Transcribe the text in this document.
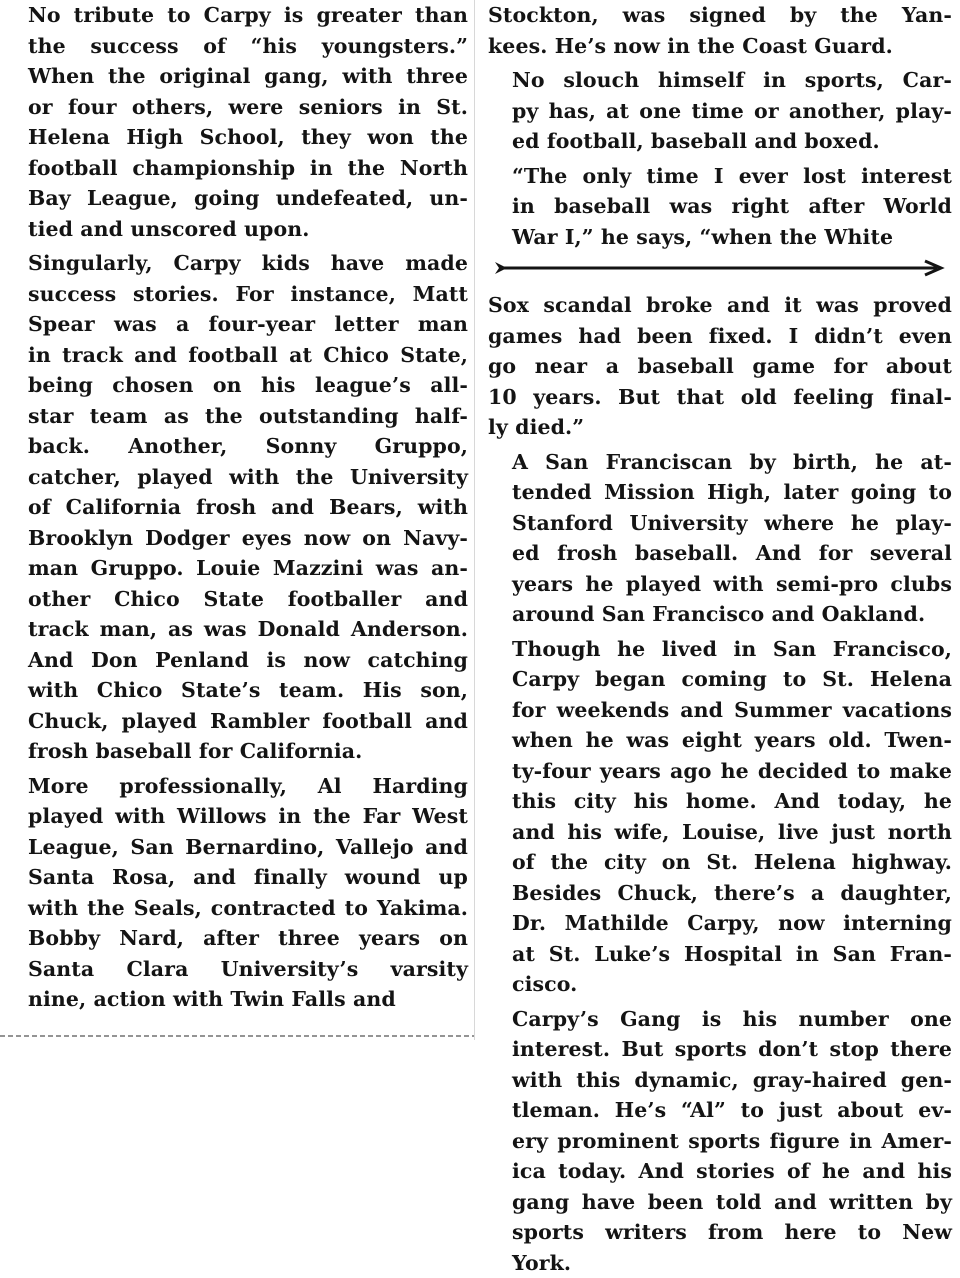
No tribute to Carpy is greater than
the success of “his youngsters.”
When the original gang, with three
or four others, were seniors in St.
Helena High School, they won the
football championship in the North
Bay League, going undefeated, un-
tied and unscored upon.

Singularly, Carpy kids have made
success stories. For instance, Matt
Spear was a four-year letter man
in track and football at Chico State,
being chosen on his league’s all-
star team as the outstanding half-
back. Another, Sonny Gruppo,
catcher, played with the University
of California frosh and Bears, with
Brooklyn Dodger eyes now on Navy-
man Gruppo. Louie Mazzini was an-
other Chico State footballer and
track man, as was Donald Anderson.
And Don Penland is now catching
with Chico State’s team. His son,
Chuck, played Rambler football and
frosh baseball for California.

More professionally, Al Harding
played with Willows in the Far West
League, San Bernardino, Vallejo and
Santa Rosa, and finally wound up
with the Seals, contracted to Yakima.
Bobby Nard, after three years on
Santa Clara University’s varsity
nine, action with Twin Falls and

Stockton, was signed by the Yan-
kees. He’s now in the Coast Guard.

No slouch himself in sports, Car-
py has, at one time or another, play-
ed football, baseball and boxed.

“The only time I ever lost interest
in baseball was right after World
War I,” he says, “when the White

Sox scandal broke and it was proved
games had been fixed. I didn’t even
go near a baseball game for about
10 years. But that old feeling final-
ly died.”

A San Franciscan by birth, he at-
tended Mission High, later going to
Stanford University where he play-
ed frosh baseball. And for several
years he played with semi-pro clubs
around San Francisco and Oakland.

Though he lived in San Francisco,
Carpy began coming to St. Helena
for weekends and Summer vacations
when he was eight years old. Twen-
ty-four years ago he decided to make
this city his home. And today, he
and his wife, Louise, live just north
of the city on St. Helena highway.
Besides Chuck, there’s a daughter,
Dr. Mathilde Carpy, now interning
at St. Luke’s Hospital in San Fran-
cisco.

Carpy’s Gang is his number one
interest. But sports don’t stop there
with this dynamic, gray-haired gen-
tleman. He’s “Al” to just about ev-
ery prominent sports figure in Amer-
ica today. And stories of he and his
gang have been told and written by
sports writers from here to New
York.
